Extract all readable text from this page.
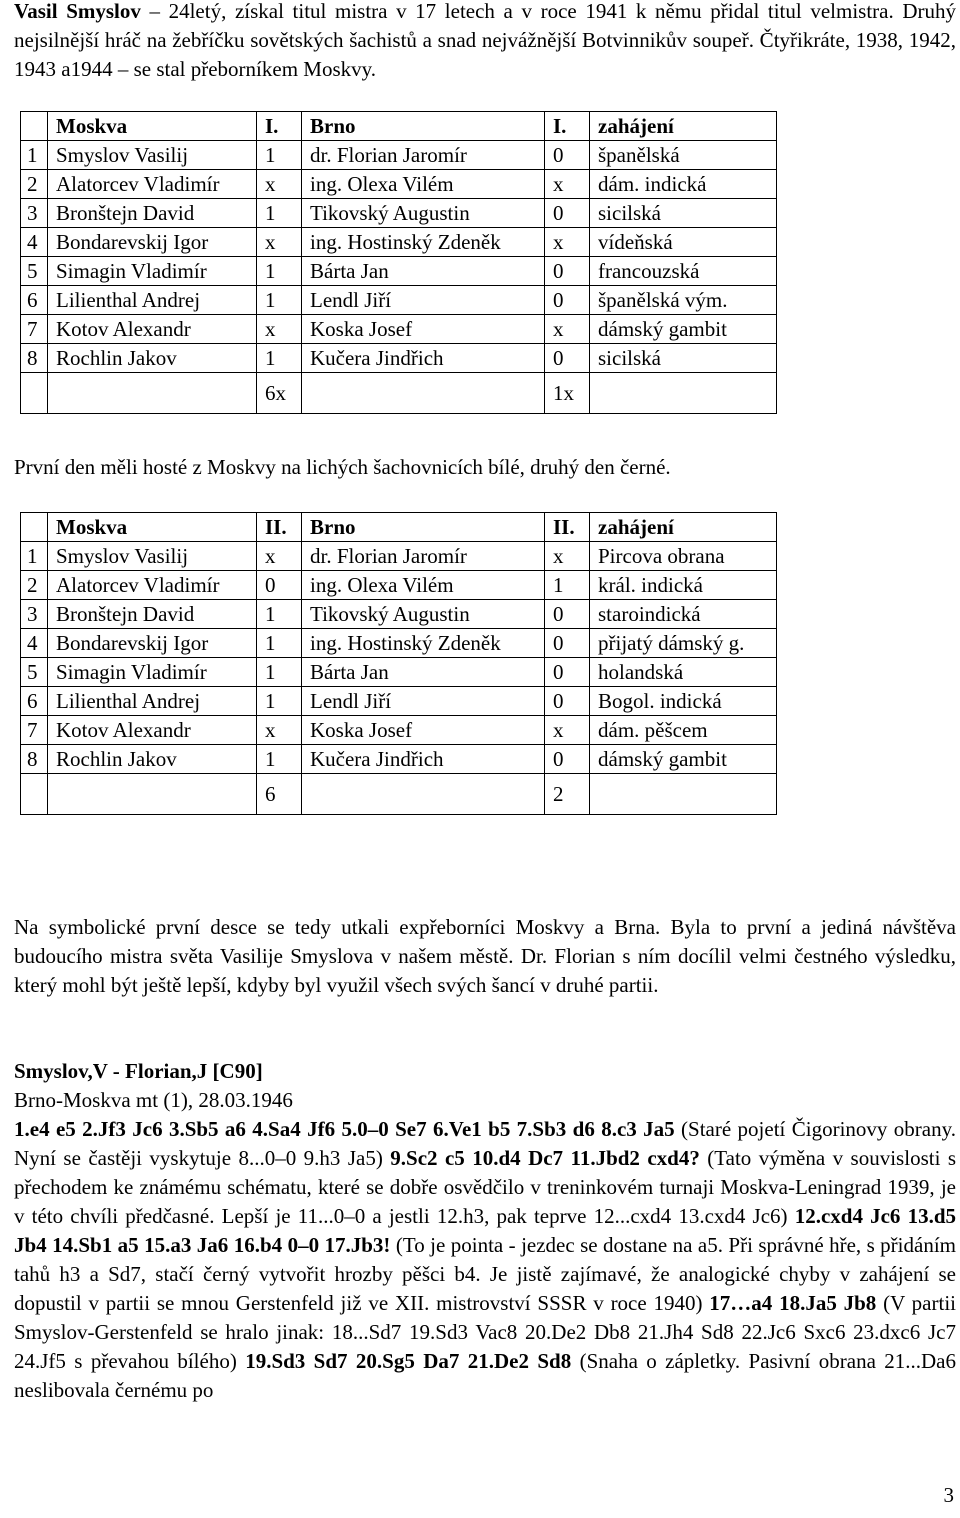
Vasil Smyslov – 24letý, získal titul mistra v 17 letech a v roce 1941 k němu přidal titul velmistra. Druhý nejsilnější hráč na žebříčku sovětských šachistů a snad nejvážnější Botvinnikův soupeř. Čtyřikráte, 1938, 1942, 1943 a1944 – se stal přeborníkem Moskvy.

	Moskva	I.	Brno	I.	zahájení
1	Smyslov Vasilij	1	dr. Florian Jaromír	0	španělská
2	Alatorcev Vladimír	x	ing. Olexa Vilém	x	dám. indická
3	Bronštejn David	1	Tikovský Augustin	0	sicilská
4	Bondarevskij Igor	x	ing. Hostinský Zdeněk	x	vídeňská
5	Simagin Vladimír	1	Bárta Jan	0	francouzská
6	Lilienthal Andrej	1	Lendl Jiří	0	španělská vým.
7	Kotov Alexandr	x	Koska Josef	x	dámský gambit
8	Rochlin Jakov	1	Kučera Jindřich	0	sicilská
		6x		1x	

První den měli hosté z Moskvy na lichých šachovnicích bílé, druhý den černé.

	Moskva	II.	Brno	II.	zahájení
1	Smyslov Vasilij	x	dr. Florian Jaromír	x	Pircova obrana
2	Alatorcev Vladimír	0	ing. Olexa Vilém	1	král. indická
3	Bronštejn David	1	Tikovský Augustin	0	staroindická
4	Bondarevskij Igor	1	ing. Hostinský Zdeněk	0	přijatý dámský g.
5	Simagin Vladimír	1	Bárta Jan	0	holandská
6	Lilienthal Andrej	1	Lendl Jiří	0	Bogol. indická
7	Kotov Alexandr	x	Koska Josef	x	dám. pěšcem
8	Rochlin Jakov	1	Kučera Jindřich	0	dámský gambit
		6		2	

Na symbolické první desce se tedy utkali expřeborníci Moskvy a Brna. Byla to první a jediná návštěva budoucího mistra světa Vasilije Smyslova v našem městě. Dr. Florian s ním docílil velmi čestného výsledku, který mohl být ještě lepší, kdyby byl využil všech svých šancí v druhé partii.

Smyslov,V - Florian,J [C90]

Brno-Moskva mt (1), 28.03.1946

1.e4 e5 2.Jf3 Jc6 3.Sb5 a6 4.Sa4 Jf6 5.0–0 Se7 6.Ve1 b5 7.Sb3 d6 8.c3 Ja5 (Staré pojetí Čigorinovy obrany. Nyní se častěji vyskytuje 8...0–0 9.h3 Ja5) 9.Sc2 c5 10.d4 Dc7 11.Jbd2 cxd4? (Tato výměna v souvislosti s přechodem ke známému schématu, které se dobře osvědčilo v treninkovém turnaji Moskva-Leningrad 1939, je v této chvíli předčasné. Lepší je 11...0–0 a jestli 12.h3, pak teprve 12...cxd4 13.cxd4 Jc6) 12.cxd4 Jc6 13.d5 Jb4 14.Sb1 a5 15.a3 Ja6 16.b4 0–0 17.Jb3! (To je pointa - jezdec se dostane na a5. Při správné hře, s přidáním tahů h3 a Sd7, stačí černý vytvořit hrozby pěšci b4. Je jistě zajímavé, že analogické chyby v zahájení se dopustil v partii se mnou Gerstenfeld již ve XII. mistrovství SSSR v roce 1940) 17…a4 18.Ja5 Jb8 (V partii Smyslov-Gerstenfeld se hralo jinak: 18...Sd7 19.Sd3 Vac8 20.De2 Db8 21.Jh4 Sd8 22.Jc6 Sxc6 23.dxc6 Jc7 24.Jf5 s převahou bílého) 19.Sd3 Sd7 20.Sg5 Da7 21.De2 Sd8 (Snaha o zápletky. Pasivní obrana 21...Da6 neslibovala černému po

3
